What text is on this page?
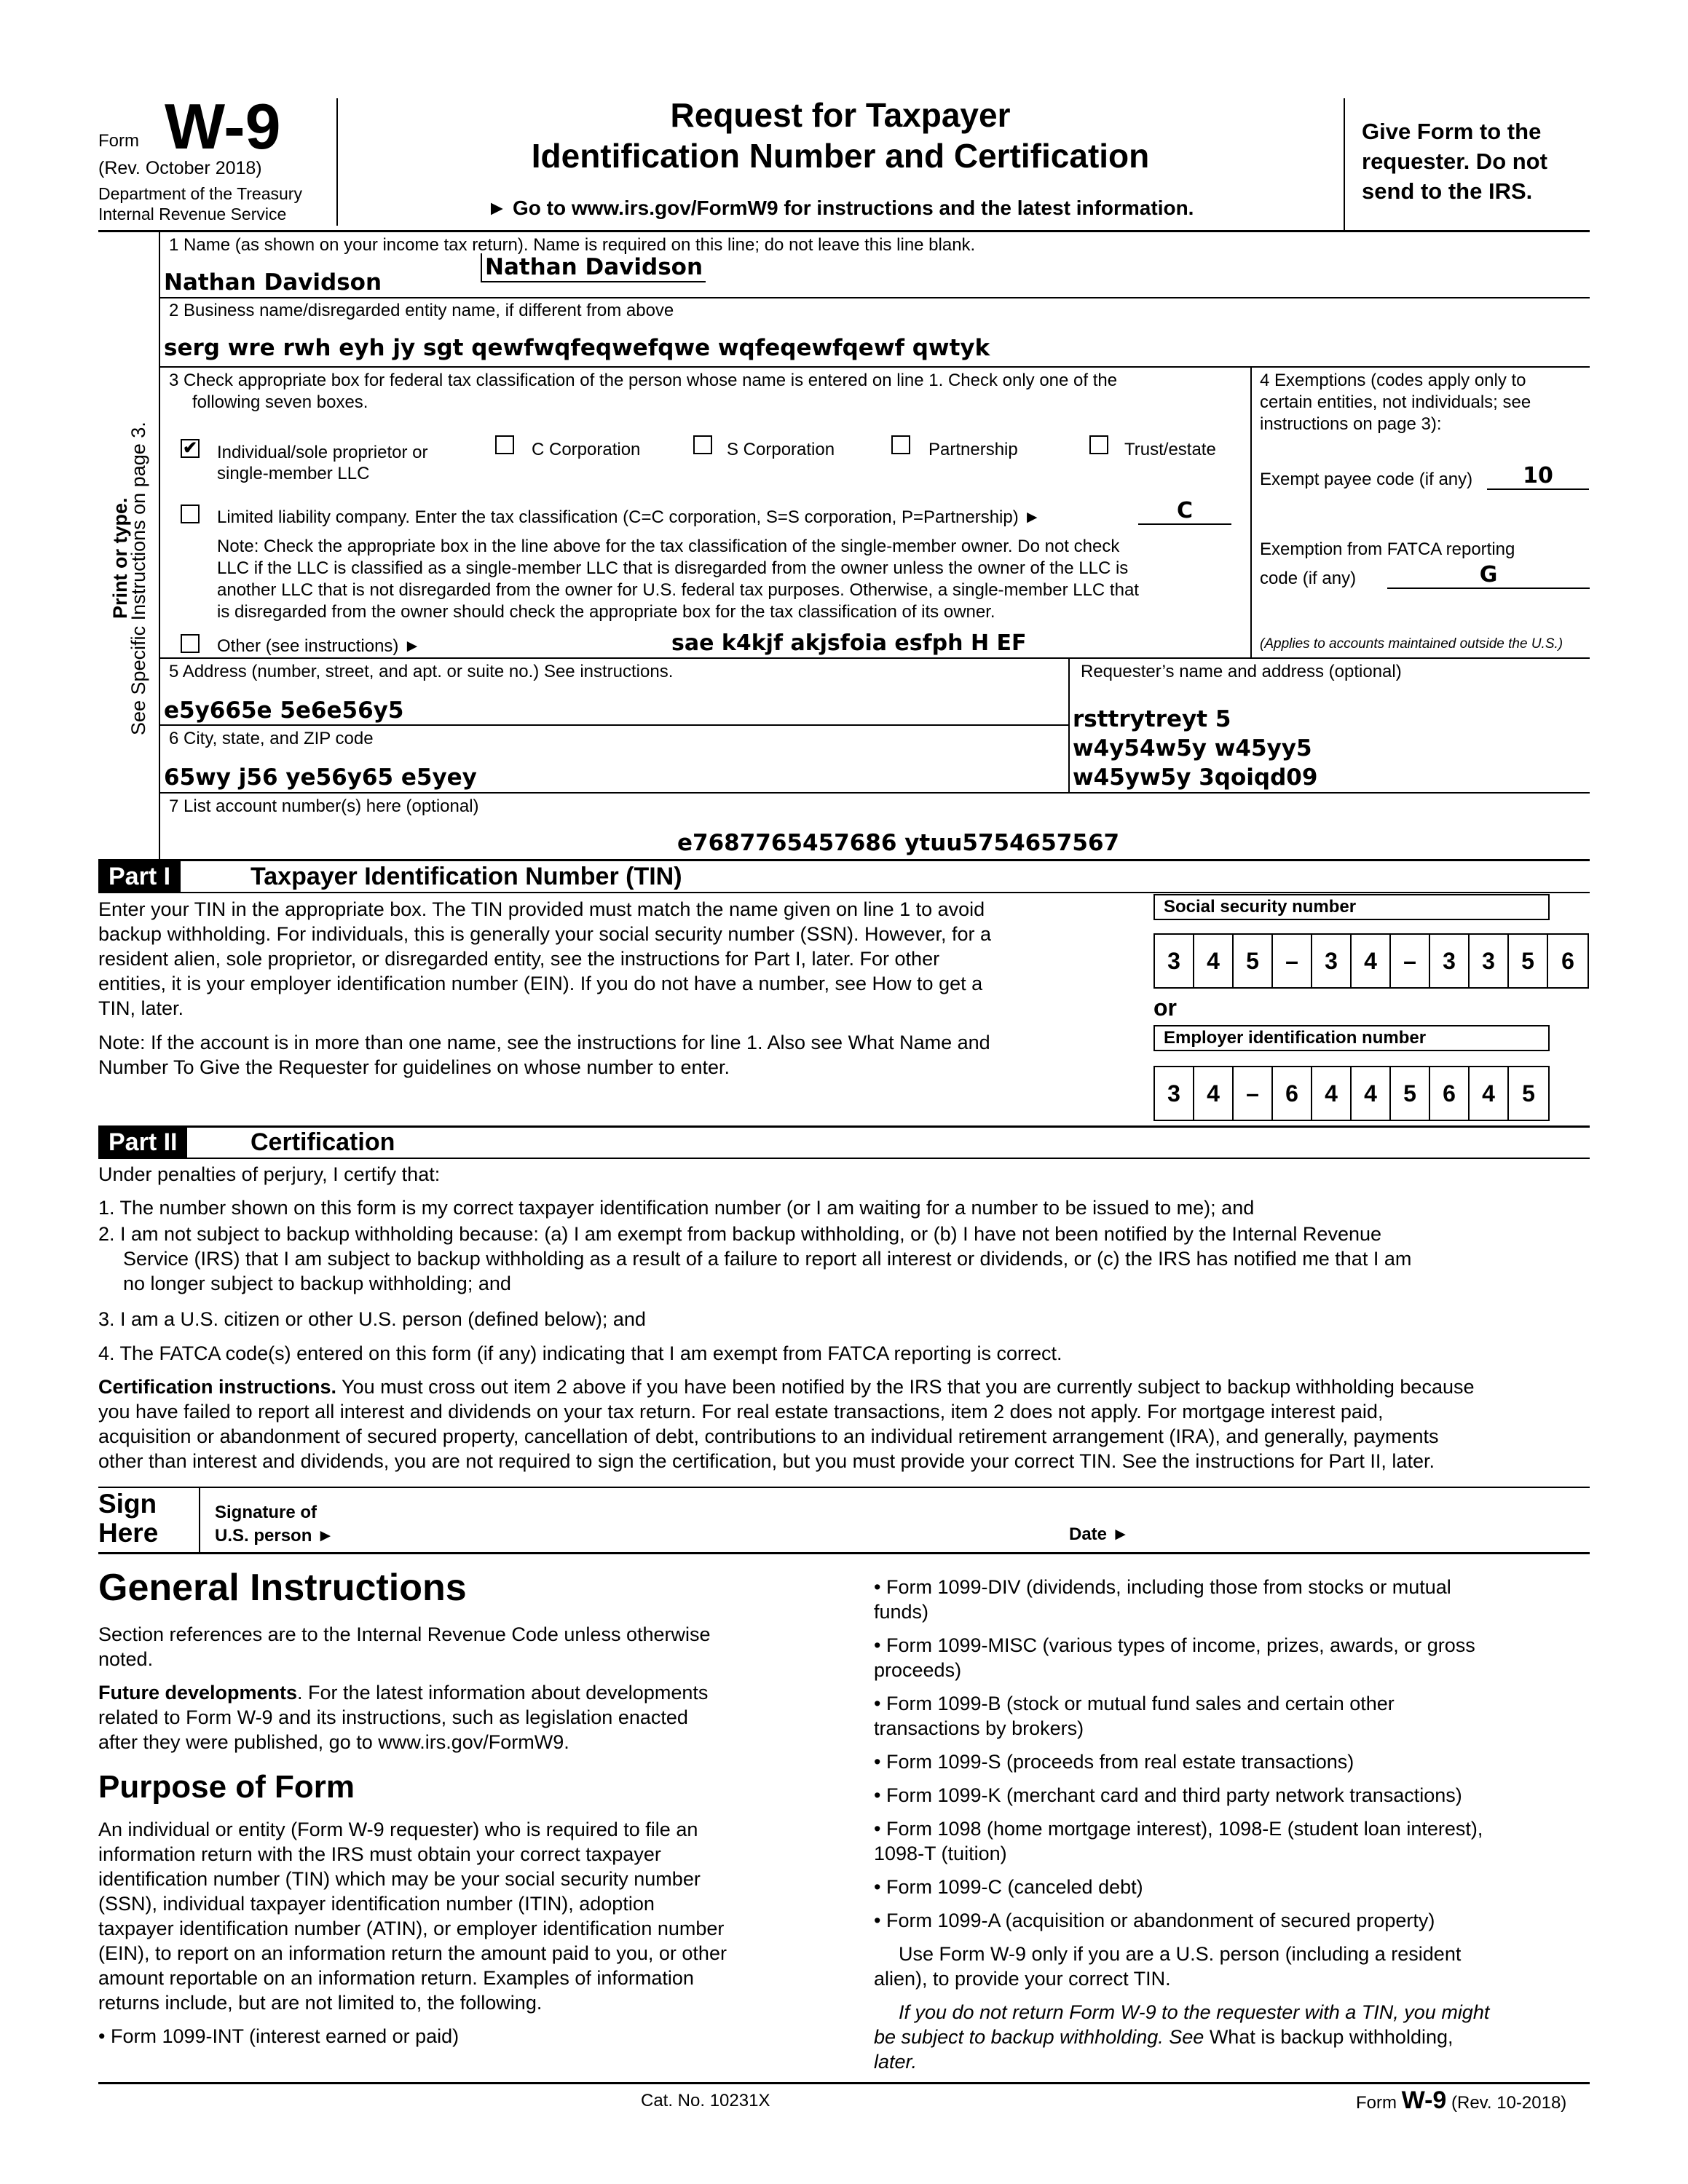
Form W-9
(Rev. October 2018)
Department of the Treasury
Internal Revenue Service
Request for Taxpayer
Identification Number and Certification
► Go to www.irs.gov/FormW9 for instructions and the latest information.
Give Form to the
requester. Do not
send to the IRS.
Print or type.
See Specific Instructions on page 3.
1 Name (as shown on your income tax return). Name is required on this line; do not leave this line blank.
Nathan Davidson
Nathan Davidson
2 Business name/disregarded entity name, if different from above
serg wre rwh eyh jy sgt qewfwqfeqwefqwe wqfeqewfqewf qwtyk
3 Check appropriate box for federal tax classification of the person whose name is entered on line 1. Check only one of the
following seven boxes.
✔ Individual/sole proprietor or
single-member LLC
C Corporation	S Corporation	Partnership	Trust/estate
Limited liability company. Enter the tax classification (C=C corporation, S=S corporation, P=Partnership) ►	C
Note: Check the appropriate box in the line above for the tax classification of the single-member owner. Do not check
LLC if the LLC is classified as a single-member LLC that is disregarded from the owner unless the owner of the LLC is
another LLC that is not disregarded from the owner for U.S. federal tax purposes. Otherwise, a single-member LLC that
is disregarded from the owner should check the appropriate box for the tax classification of its owner.
Other (see instructions) ►	sae k4kjf akjsfoia esfph H EF
4 Exemptions (codes apply only to
certain entities, not individuals; see
instructions on page 3):
Exempt payee code (if any)	10
Exemption from FATCA reporting
code (if any)	G
(Applies to accounts maintained outside the U.S.)
5 Address (number, street, and apt. or suite no.) See instructions.
e5y665e 5e6e56y5
Requester’s name and address (optional)
rsttrytreyt 5
w4y54w5y w45yy5
w45yw5y 3qoiqd09
6 City, state, and ZIP code
65wy j56 ye56y65 e5yey
7 List account number(s) here (optional)
e7687765457686 ytuu5754657567
Part I	Taxpayer Identification Number (TIN)
Enter your TIN in the appropriate box. The TIN provided must match the name given on line 1 to avoid
backup withholding. For individuals, this is generally your social security number (SSN). However, for a
resident alien, sole proprietor, or disregarded entity, see the instructions for Part I, later. For other
entities, it is your employer identification number (EIN). If you do not have a number, see How to get a
TIN, later.
Note: If the account is in more than one name, see the instructions for line 1. Also see What Name and
Number To Give the Requester for guidelines on whose number to enter.
Social security number
3	4	5	–	3	4	–	3	3	5	6
or
Employer identification number
3	4	–	6	4	4	5	6	4	5
Part II	Certification
Under penalties of perjury, I certify that:
1. The number shown on this form is my correct taxpayer identification number (or I am waiting for a number to be issued to me); and
2. I am not subject to backup withholding because: (a) I am exempt from backup withholding, or (b) I have not been notified by the Internal Revenue
Service (IRS) that I am subject to backup withholding as a result of a failure to report all interest or dividends, or (c) the IRS has notified me that I am
no longer subject to backup withholding; and
3. I am a U.S. citizen or other U.S. person (defined below); and
4. The FATCA code(s) entered on this form (if any) indicating that I am exempt from FATCA reporting is correct.
Certification instructions. You must cross out item 2 above if you have been notified by the IRS that you are currently subject to backup withholding because
you have failed to report all interest and dividends on your tax return. For real estate transactions, item 2 does not apply. For mortgage interest paid,
acquisition or abandonment of secured property, cancellation of debt, contributions to an individual retirement arrangement (IRA), and generally, payments
other than interest and dividends, you are not required to sign the certification, but you must provide your correct TIN. See the instructions for Part II, later.
Sign
Here
Signature of
U.S. person ►	Date ►
General Instructions
Section references are to the Internal Revenue Code unless otherwise
noted.
Future developments. For the latest information about developments
related to Form W-9 and its instructions, such as legislation enacted
after they were published, go to www.irs.gov/FormW9.
Purpose of Form
An individual or entity (Form W-9 requester) who is required to file an
information return with the IRS must obtain your correct taxpayer
identification number (TIN) which may be your social security number
(SSN), individual taxpayer identification number (ITIN), adoption
taxpayer identification number (ATIN), or employer identification number
(EIN), to report on an information return the amount paid to you, or other
amount reportable on an information return. Examples of information
returns include, but are not limited to, the following.
• Form 1099-INT (interest earned or paid)
• Form 1099-DIV (dividends, including those from stocks or mutual
funds)
• Form 1099-MISC (various types of income, prizes, awards, or gross
proceeds)
• Form 1099-B (stock or mutual fund sales and certain other
transactions by brokers)
• Form 1099-S (proceeds from real estate transactions)
• Form 1099-K (merchant card and third party network transactions)
• Form 1098 (home mortgage interest), 1098-E (student loan interest),
1098-T (tuition)
• Form 1099-C (canceled debt)
• Form 1099-A (acquisition or abandonment of secured property)
Use Form W-9 only if you are a U.S. person (including a resident
alien), to provide your correct TIN.
If you do not return Form W-9 to the requester with a TIN, you might
be subject to backup withholding. See What is backup withholding,
later.
Cat. No. 10231X	Form W-9 (Rev. 10-2018)
